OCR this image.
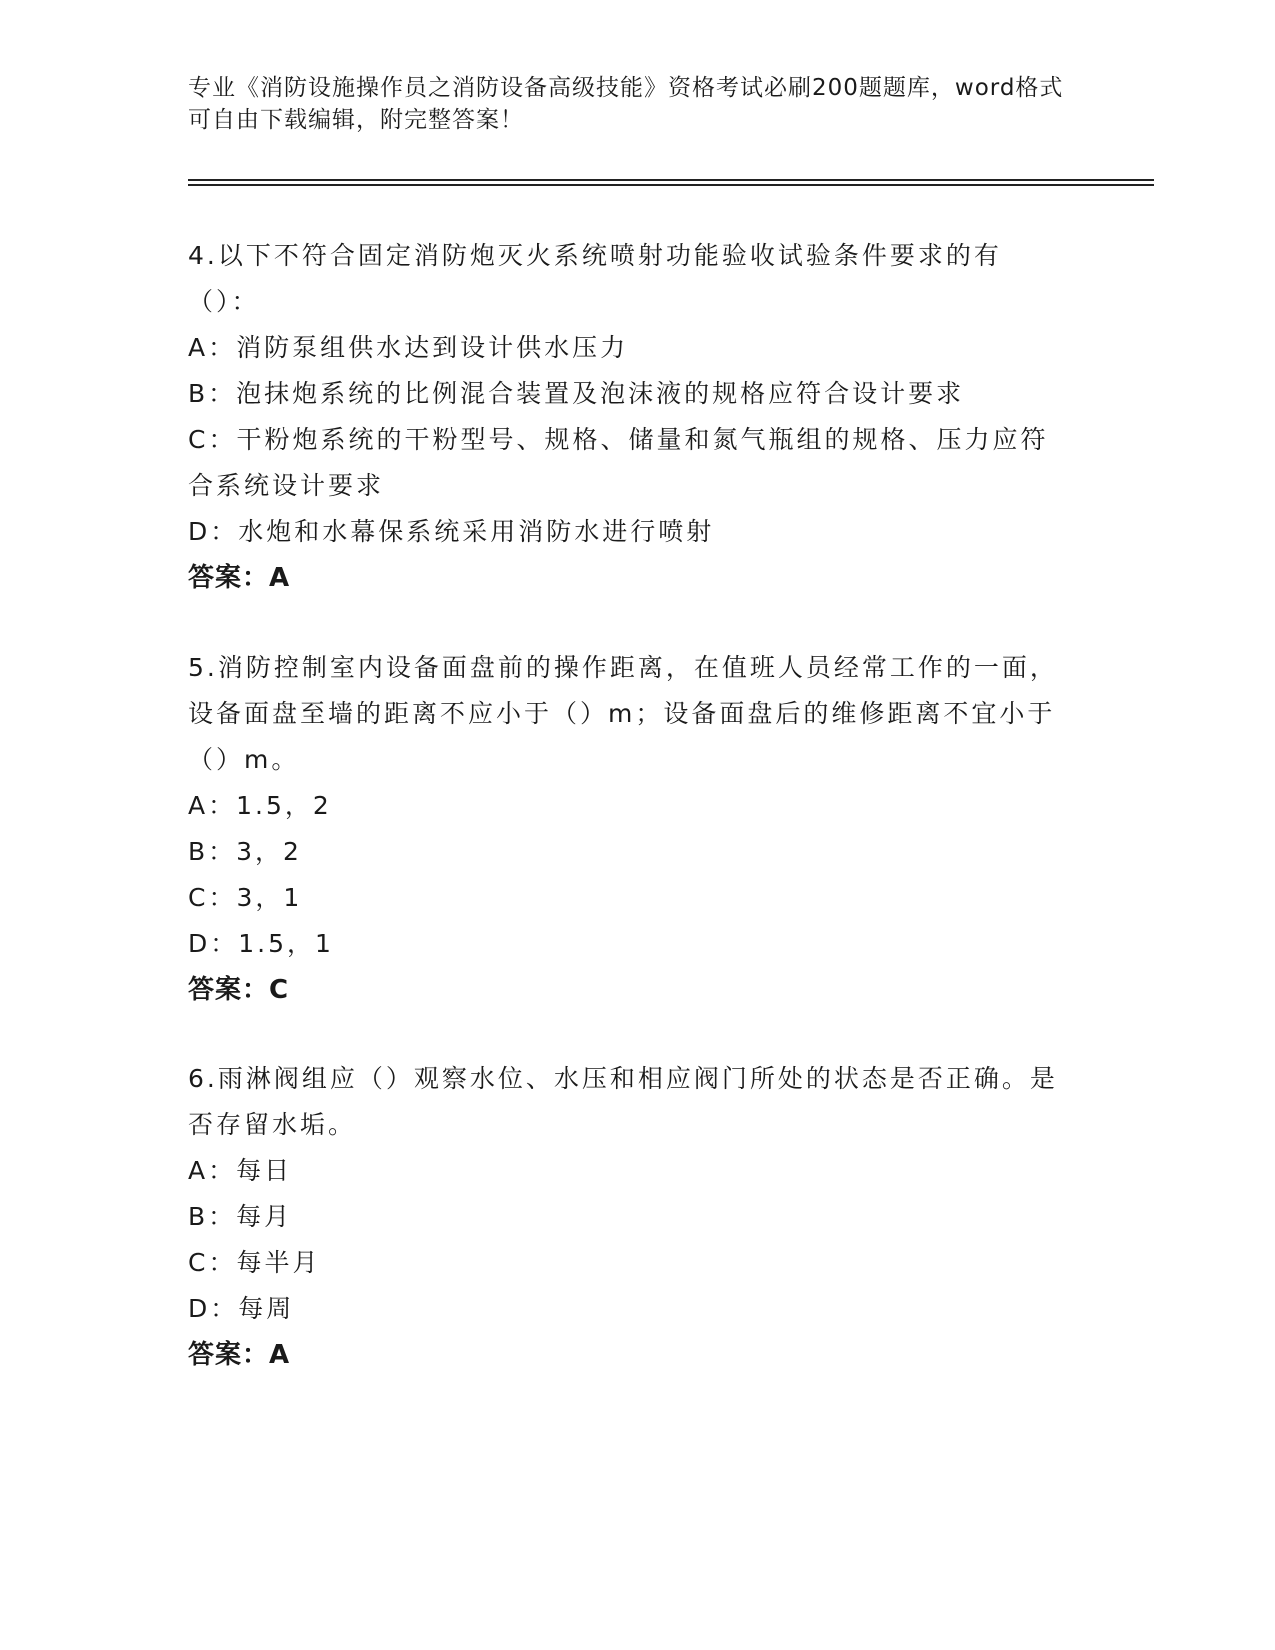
专业《消防设施操作员之消防设备高级技能》资格考试必刷200题题库，word格式可自由下载编辑，附完整答案！

4.以下不符合固定消防炮灭火系统喷射功能验收试验条件要求的有（）：

A：消防泵组供水达到设计供水压力

B：泡抹炮系统的比例混合装置及泡沫液的规格应符合设计要求

C：干粉炮系统的干粉型号、规格、储量和氮气瓶组的规格、压力应符合系统设计要求

D：水炮和水幕保系统采用消防水进行喷射

答案：A

5.消防控制室内设备面盘前的操作距离，在值班人员经常工作的一面，设备面盘至墙的距离不应小于（）m；设备面盘后的维修距离不宜小于（）m。

A：1.5，2

B：3，2

C：3，1

D：1.5，1

答案：C

6.雨淋阀组应（）观察水位、水压和相应阀门所处的状态是否正确。是否存留水垢。

A：每日

B：每月

C：每半月

D：每周

答案：A
